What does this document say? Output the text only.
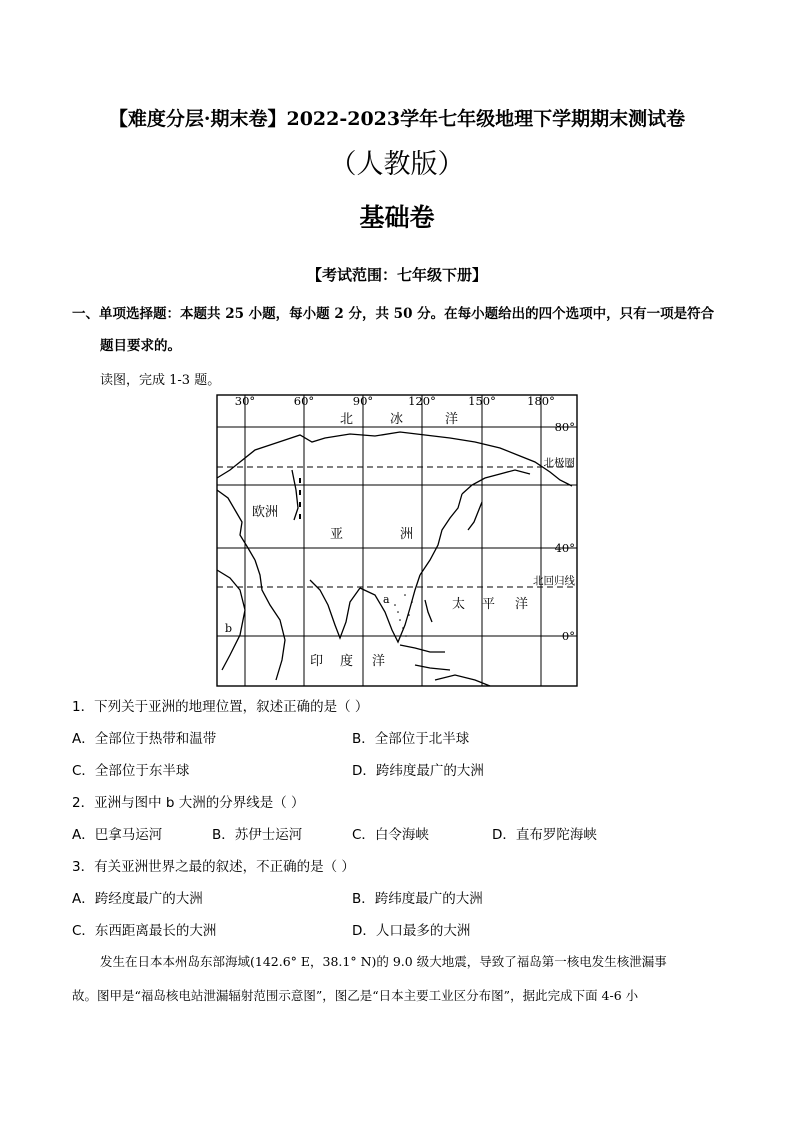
【难度分层·期末卷】2022-2023学年七年级地理下学期期末测试卷
（人教版）
基础卷
【考试范围：七年级下册】
一、单项选择题：本题共 25 小题，每小题 2 分，共 50 分。在每小题给出的四个选项中，只有一项是符合
题目要求的。
读图，完成 1-3 题。
30°	60°	90°	120°	150°	180°
80°
40°
0°
北极圈
北回归线
北	冰	洋
欧洲
亚	洲
太 平 洋
印 度 洋
a
b
1．下列关于亚洲的地理位置，叙述正确的是（ ）
A．全部位于热带和温带	B．全部位于北半球
C．全部位于东半球	D．跨纬度最广的大洲
2．亚洲与图中 b 大洲的分界线是（ ）
A．巴拿马运河	B．苏伊士运河	C．白令海峡	D．直布罗陀海峡
3．有关亚洲世界之最的叙述，不正确的是（ ）
A．跨经度最广的大洲	B．跨纬度最广的大洲
C．东西距离最长的大洲	D．人口最多的大洲
发生在日本本州岛东部海域(142.6° E，38.1° N)的 9.0 级大地震，导致了福岛第一核电发生核泄漏事
故。图甲是“福岛核电站泄漏辐射范围示意图”，图乙是“日本主要工业区分布图”，据此完成下面 4-6 小
